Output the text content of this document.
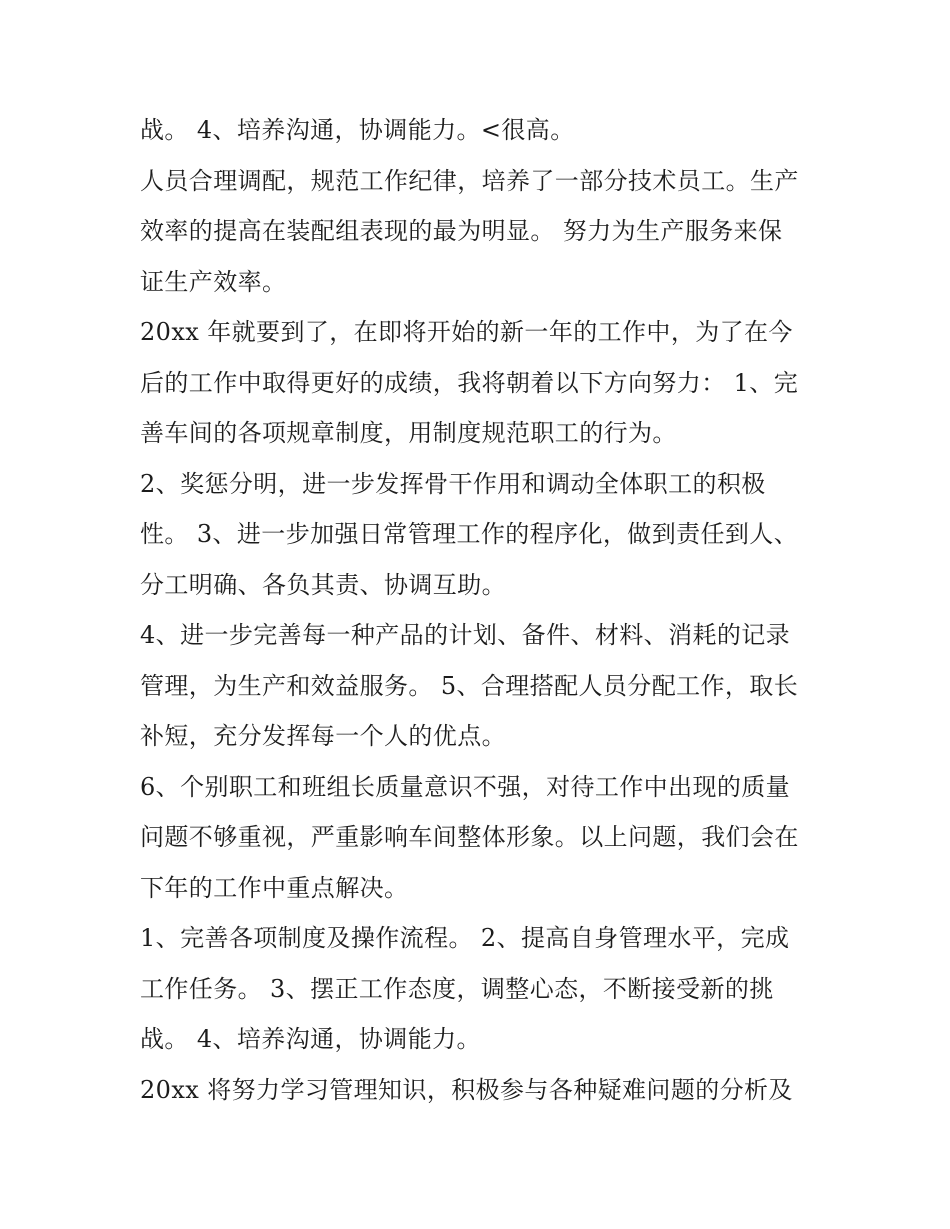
战。 4、培养沟通，协调能力。<很高。
人员合理调配，规范工作纪律，培养了一部分技术员工。生产
效率的提高在装配组表现的最为明显。 努力为生产服务来保
证生产效率。
20xx 年就要到了，在即将开始的新一年的工作中，为了在今
后的工作中取得更好的成绩，我将朝着以下方向努力： 1、完
善车间的各项规章制度，用制度规范职工的行为。
2、奖惩分明，进一步发挥骨干作用和调动全体职工的积极
性。 3、进一步加强日常管理工作的程序化，做到责任到人、
分工明确、各负其责、协调互助。
4、进一步完善每一种产品的计划、备件、材料、消耗的记录
管理，为生产和效益服务。 5、合理搭配人员分配工作，取长
补短，充分发挥每一个人的优点。
6、个别职工和班组长质量意识不强，对待工作中出现的质量
问题不够重视，严重影响车间整体形象。以上问题，我们会在
下年的工作中重点解决。
1、完善各项制度及操作流程。 2、提高自身管理水平，完成
工作任务。 3、摆正工作态度，调整心态，不断接受新的挑
战。 4、培养沟通，协调能力。
20xx 将努力学习管理知识，积极参与各种疑难问题的分析及
